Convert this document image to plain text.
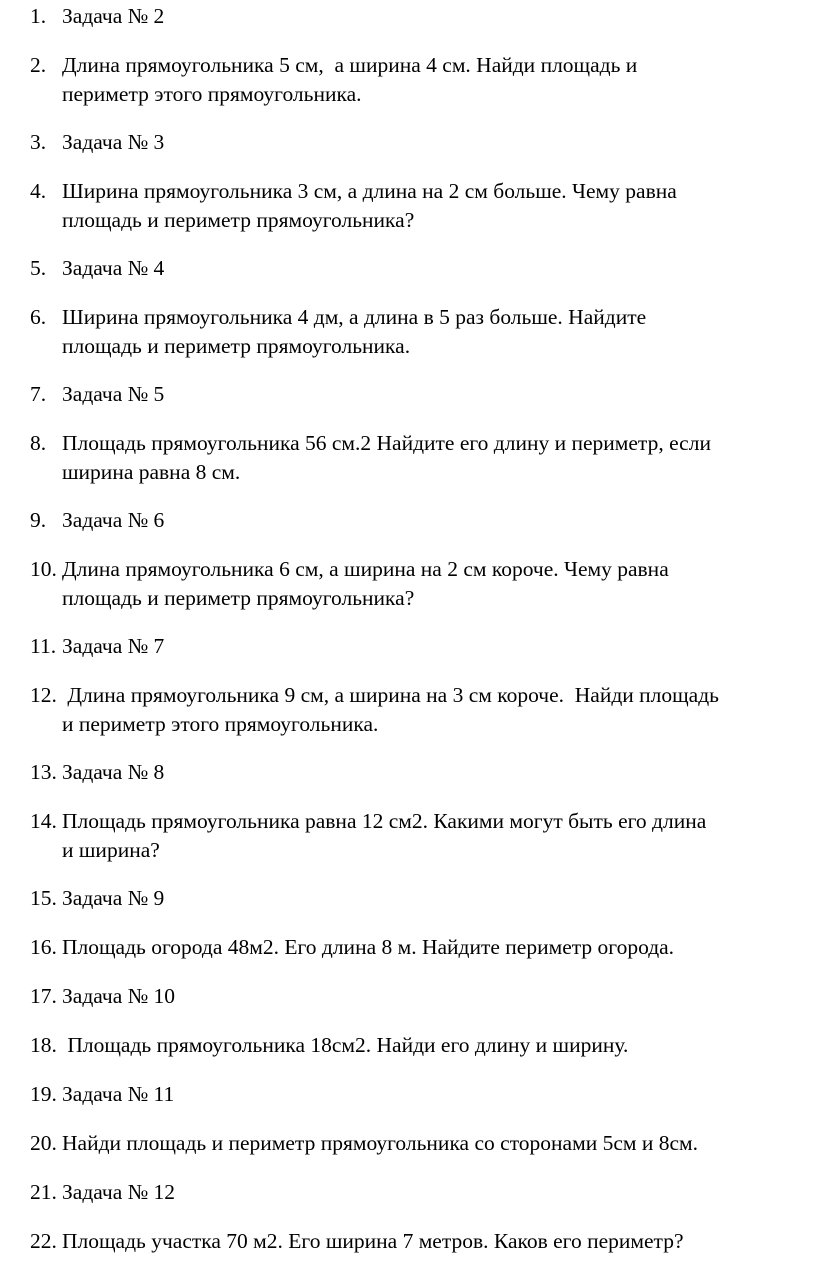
1. Задача № 2
2. Длина прямоугольника 5 см,  а ширина 4 см. Найди площадь и
периметр этого прямоугольника.
3. Задача № 3
4. Ширина прямоугольника 3 см, а длина на 2 см больше. Чему равна
площадь и периметр прямоугольника?
5. Задача № 4
6. Ширина прямоугольника 4 дм, а длина в 5 раз больше. Найдите
площадь и периметр прямоугольника.
7. Задача № 5
8. Площадь прямоугольника 56 см.2 Найдите его длину и периметр, если
ширина равна 8 см.
9. Задача № 6
10. Длина прямоугольника 6 см, а ширина на 2 см короче. Чему равна
площадь и периметр прямоугольника?
11. Задача № 7
12. Длина прямоугольника 9 см, а ширина на 3 см короче.  Найди площадь
и периметр этого прямоугольника.
13. Задача № 8
14. Площадь прямоугольника равна 12 см2. Какими могут быть его длина
и ширина?
15. Задача № 9
16. Площадь огорода 48м2. Его длина 8 м. Найдите периметр огорода.
17. Задача № 10
18. Площадь прямоугольника 18см2. Найди его длину и ширину.
19. Задача № 11
20. Найди площадь и периметр прямоугольника со сторонами 5см и 8см.
21. Задача № 12
22. Площадь участка 70 м2. Его ширина 7 метров. Каков его периметр?
